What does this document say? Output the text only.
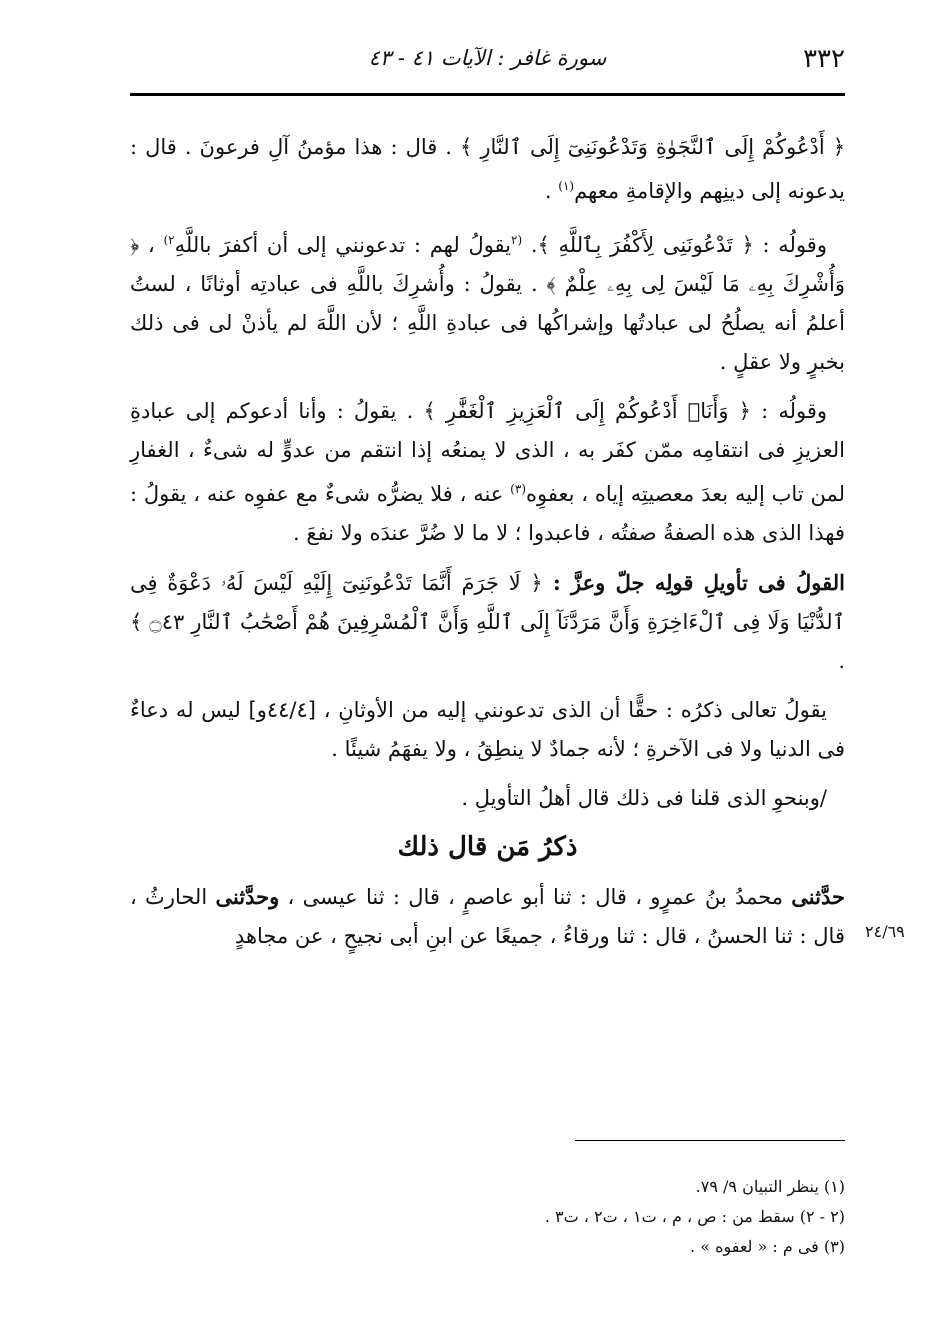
٣٣٢
سورة غافر : الآيات ٤١ - ٤٣

﴿ أَدْعُوكُمْ إِلَى ٱلنَّجَوٰةِ وَتَدْعُونَنِىٓ إِلَى ٱلنَّارِ ﴾ . قال : هذا مؤمنُ آلِ فرعونَ . قال : يدعونه إلى دينِهم والإقامةِ معهم$^{(١)}$ .

وقولُه : ﴿ تَدْعُونَنِى لِأَكْفُرَ بِٱللَّهِ ﴾. $^{(٢}$يقولُ لهم : تدعونني إلى أن أكفرَ باللَّهِ$^{٢)}$ ، ﴿ وَأُشْرِكَ بِهِۦ مَا لَيْسَ لِى بِهِۦ عِلْمٌ ﴾ . يقولُ : وأُشرِكَ باللَّهِ فى عبادتِه أوثانًا ، لستُ أعلمُ أنه يصلُحُ لى عبادتُها وإشراكُها فى عبادةِ اللَّهِ ؛ لأن اللَّهَ لم يأذنْ لى فى ذلك بخبرٍ ولا عقلٍ .

وقولُه : ﴿ وَأَنَا۠ أَدْعُوكُمْ إِلَى ٱلْعَزِيزِ ٱلْغَفَّٰرِ ﴾ . يقولُ : وأنا أدعوكم إلى عبادةِ العزيزِ فى انتقامِه ممّن كفَر به ، الذى لا يمنعُه إذا انتقم من عدوٍّ له شىءٌ ، الغفارِ لمن تاب إليه بعدَ معصيتِه إياه ، بعفوِه$^{(٣)}$ عنه ، فلا يضرُّه شىءٌ مع عفوِه عنه ، يقولُ : فهذا الذى هذه الصفةُ صفتُه ، فاعبدوا ؛ لا ما لا ضُرَّ عندَه ولا نفعَ .

القولُ فى تأويلِ قولِه جلّ وعزَّ : ﴿ لَا جَرَمَ أَنَّمَا تَدْعُونَنِىٓ إِلَيْهِ لَيْسَ لَهُۥ دَعْوَةٌ فِى ٱلدُّنْيَا وَلَا فِى ٱلْءَاخِرَةِ وَأَنَّ مَرَدَّنَآ إِلَى ٱللَّهِ وَأَنَّ ٱلْمُسْرِفِينَ هُمْ أَصْحَٰبُ ٱلنَّارِ ۝٤٣ ﴾ .

يقولُ تعالى ذكرُه : حقًّا أن الذى تدعونني إليه من الأوثانِ ، [٤٤/٤و] ليس له دعاءٌ فى الدنيا ولا فى الآخرةِ ؛ لأنه جمادٌ لا ينطِقُ ، ولا يفهَمُ شيئًا .

/وبنحوِ الذى قلنا فى ذلك قال أهلُ التأويلِ .

ذكرُ مَن قال ذلك

حدَّثنى محمدُ بنُ عمرٍو ، قال : ثنا أبو عاصمٍ ، قال : ثنا عيسى ، وحدَّثنى الحارثُ ، قال : ثنا الحسنُ ، قال : ثنا ورقاءُ ، جميعًا عن ابنِ أبى نجيحٍ ، عن مجاهدٍ ٢٤/٦٩
(١) ينظر التبيان ٩/ ٧٩.
(٢ - ٢) سقط من : ص ، م ، ت١ ، ت٢ ، ت٣ .
(٣) فى م : « لعفوه » .
